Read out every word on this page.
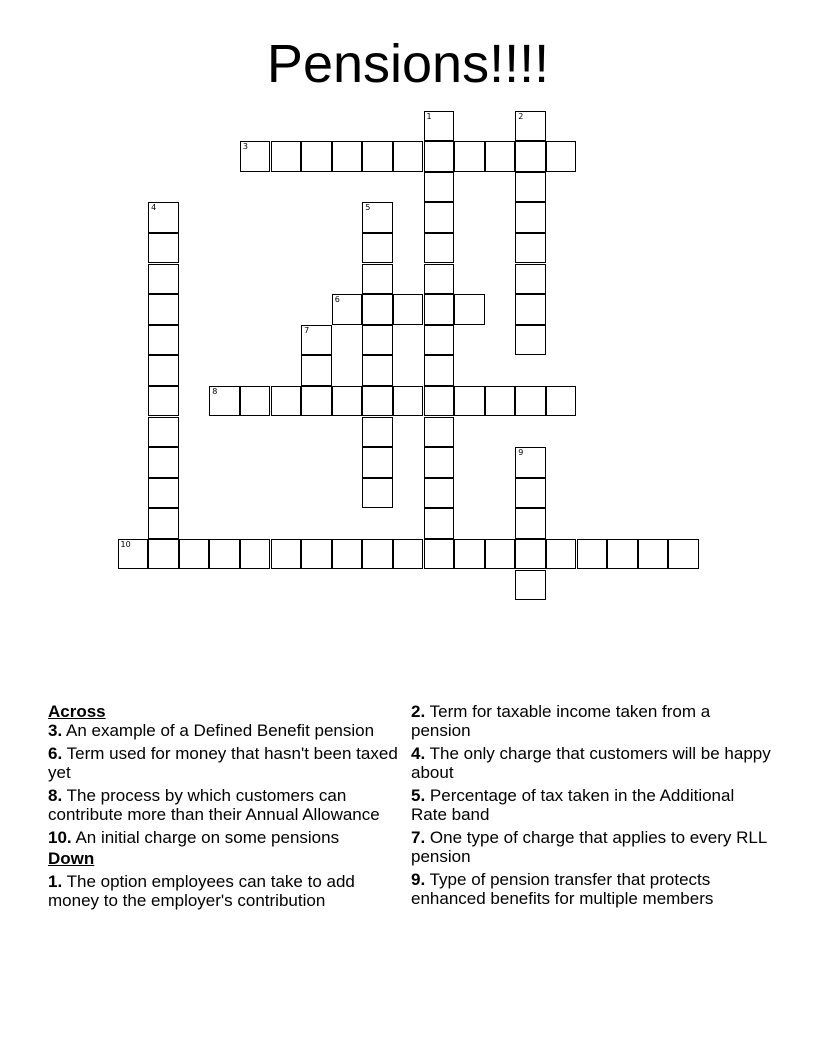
Pensions!!!!
1	2
3
4	5
6
7
8
9
10
Across
3. An example of a Defined Benefit pension
6. Term used for money that hasn't been taxed yet
8. The process by which customers can contribute more than their Annual Allowance
10. An initial charge on some pensions
Down
1. The option employees can take to add money to the employer's contribution
2. Term for taxable income taken from a pension
4. The only charge that customers will be happy about
5. Percentage of tax taken in the Additional Rate band
7. One type of charge that applies to every RLL pension
9. Type of pension transfer that protects enhanced benefits for multiple members
